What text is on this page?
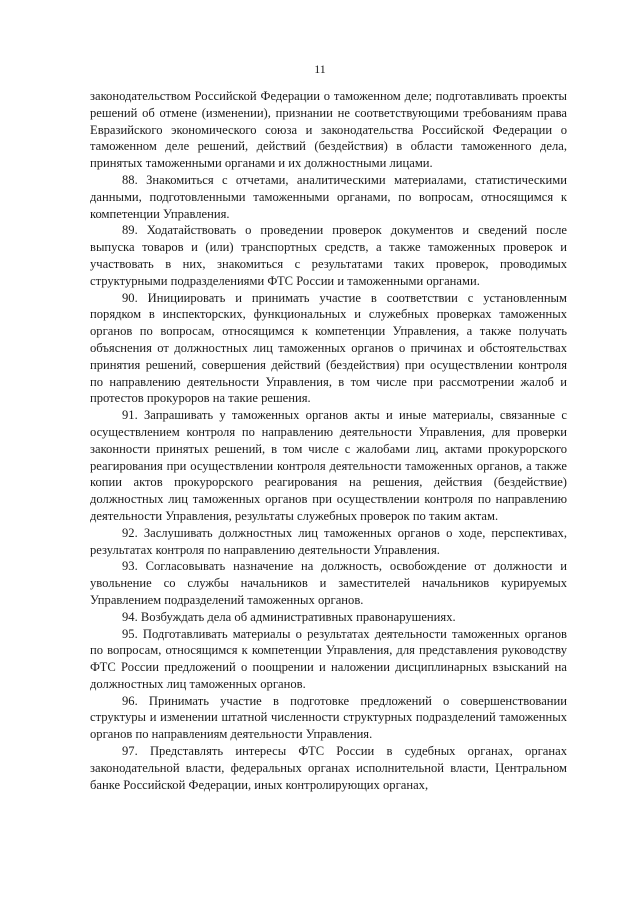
11

законодательством Российской Федерации о таможенном деле; подготавливать проекты решений об отмене (изменении), признании не соответствующими требованиям права Евразийского экономического союза и законодательства Российской Федерации о таможенном деле решений, действий (бездействия) в области таможенного дела, принятых таможенными органами и их должностными лицами.

88. Знакомиться с отчетами, аналитическими материалами, статистическими данными, подготовленными таможенными органами, по вопросам, относящимся к компетенции Управления.

89. Ходатайствовать о проведении проверок документов и сведений после выпуска товаров и (или) транспортных средств, а также таможенных проверок и участвовать в них, знакомиться с результатами таких проверок, проводимых структурными подразделениями ФТС России и таможенными органами.

90. Инициировать и принимать участие в соответствии с установленным порядком в инспекторских, функциональных и служебных проверках таможенных органов по вопросам, относящимся к компетенции Управления, а также получать объяснения от должностных лиц таможенных органов о причинах и обстоятельствах принятия решений, совершения действий (бездействия) при осуществлении контроля по направлению деятельности Управления, в том числе при рассмотрении жалоб и протестов прокуроров на такие решения.

91. Запрашивать у таможенных органов акты и иные материалы, связанные с осуществлением контроля по направлению деятельности Управления, для проверки законности принятых решений, в том числе с жалобами лиц, актами прокурорского реагирования при осуществлении контроля деятельности таможенных органов, а также копии актов прокурорского реагирования на решения, действия (бездействие) должностных лиц таможенных органов при осуществлении контроля по направлению деятельности Управления, результаты служебных проверок по таким актам.

92. Заслушивать должностных лиц таможенных органов о ходе, перспективах, результатах контроля по направлению деятельности Управления.

93. Согласовывать назначение на должность, освобождение от должности и увольнение со службы начальников и заместителей начальников курируемых Управлением подразделений таможенных органов.

94. Возбуждать дела об административных правонарушениях.

95. Подготавливать материалы о результатах деятельности таможенных органов по вопросам, относящимся к компетенции Управления, для представления руководству ФТС России предложений о поощрении и наложении дисциплинарных взысканий на должностных лиц таможенных органов.

96. Принимать участие в подготовке предложений о совершенствовании структуры и изменении штатной численности структурных подразделений таможенных органов по направлениям деятельности Управления.

97. Представлять интересы ФТС России в судебных органах, органах законодательной власти, федеральных органах исполнительной власти, Центральном банке Российской Федерации, иных контролирующих органах,
